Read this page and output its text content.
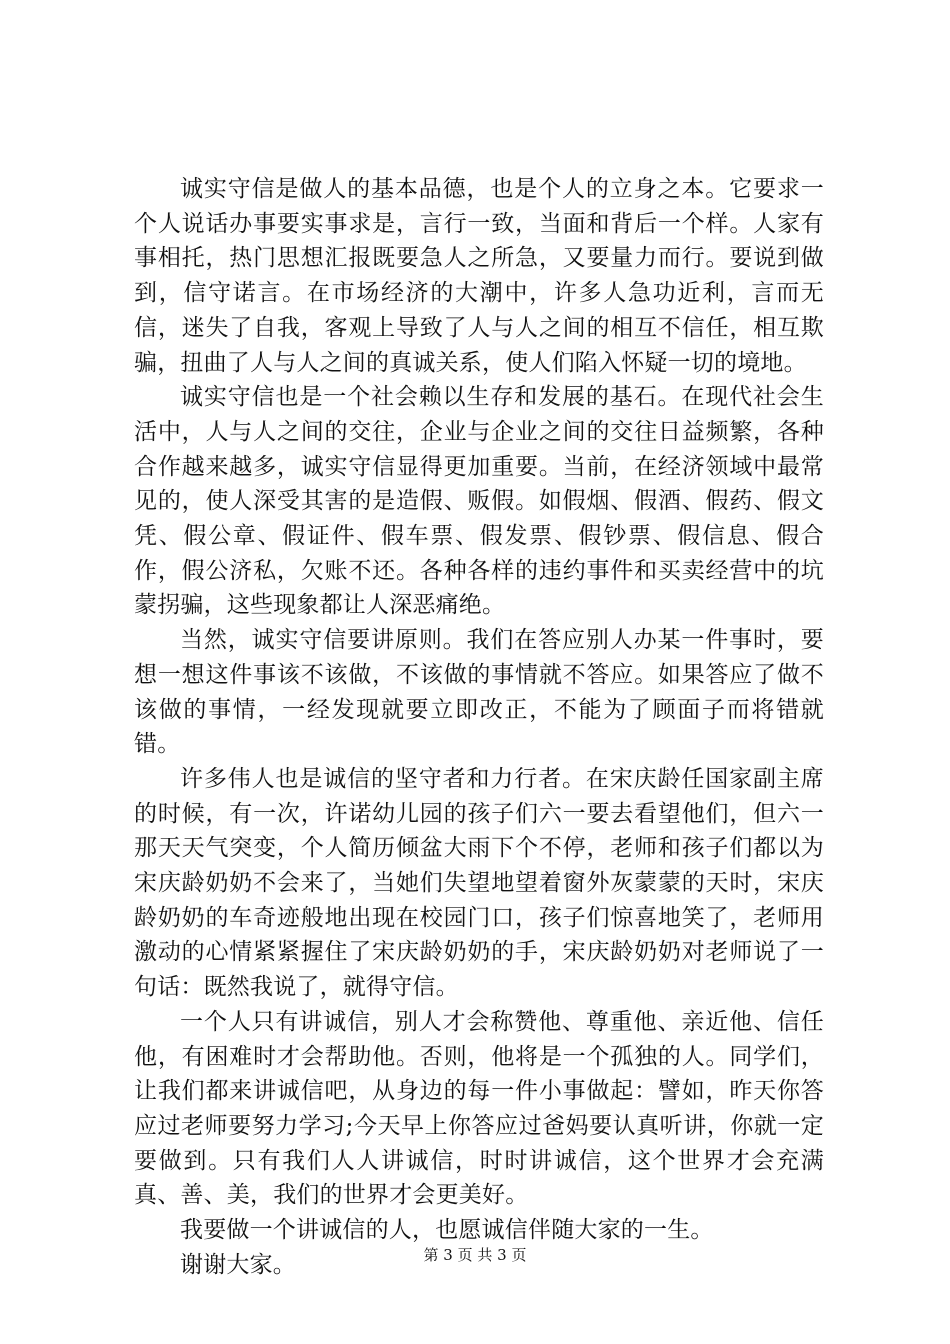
诚实守信是做人的基本品德，也是个人的立身之本。它要求一个人说话办事要实事求是，言行一致，当面和背后一个样。人家有事相托，热门思想汇报既要急人之所急，又要量力而行。要说到做到，信守诺言。在市场经济的大潮中，许多人急功近利，言而无信，迷失了自我，客观上导致了人与人之间的相互不信任，相互欺骗，扭曲了人与人之间的真诚关系，使人们陷入怀疑一切的境地。

诚实守信也是一个社会赖以生存和发展的基石。在现代社会生活中，人与人之间的交往，企业与企业之间的交往日益频繁，各种合作越来越多，诚实守信显得更加重要。当前，在经济领域中最常见的，使人深受其害的是造假、贩假。如假烟、假酒、假药、假文凭、假公章、假证件、假车票、假发票、假钞票、假信息、假合作，假公济私，欠账不还。各种各样的违约事件和买卖经营中的坑蒙拐骗，这些现象都让人深恶痛绝。

当然，诚实守信要讲原则。我们在答应别人办某一件事时，要想一想这件事该不该做，不该做的事情就不答应。如果答应了做不该做的事情，一经发现就要立即改正，不能为了顾面子而将错就错。

许多伟人也是诚信的坚守者和力行者。在宋庆龄任国家副主席的时候，有一次，许诺幼儿园的孩子们六一要去看望他们，但六一那天天气突变，个人简历倾盆大雨下个不停，老师和孩子们都以为宋庆龄奶奶不会来了，当她们失望地望着窗外灰蒙蒙的天时，宋庆龄奶奶的车奇迹般地出现在校园门口，孩子们惊喜地笑了，老师用激动的心情紧紧握住了宋庆龄奶奶的手，宋庆龄奶奶对老师说了一句话：既然我说了，就得守信。

一个人只有讲诚信，别人才会称赞他、尊重他、亲近他、信任他，有困难时才会帮助他。否则，他将是一个孤独的人。同学们，让我们都来讲诚信吧，从身边的每一件小事做起：譬如，昨天你答应过老师要努力学习;今天早上你答应过爸妈要认真听讲，你就一定要做到。只有我们人人讲诚信，时时讲诚信，这个世界才会充满真、善、美，我们的世界才会更美好。

我要做一个讲诚信的人，也愿诚信伴随大家的一生。

谢谢大家。	第 3 页 共 3 页
